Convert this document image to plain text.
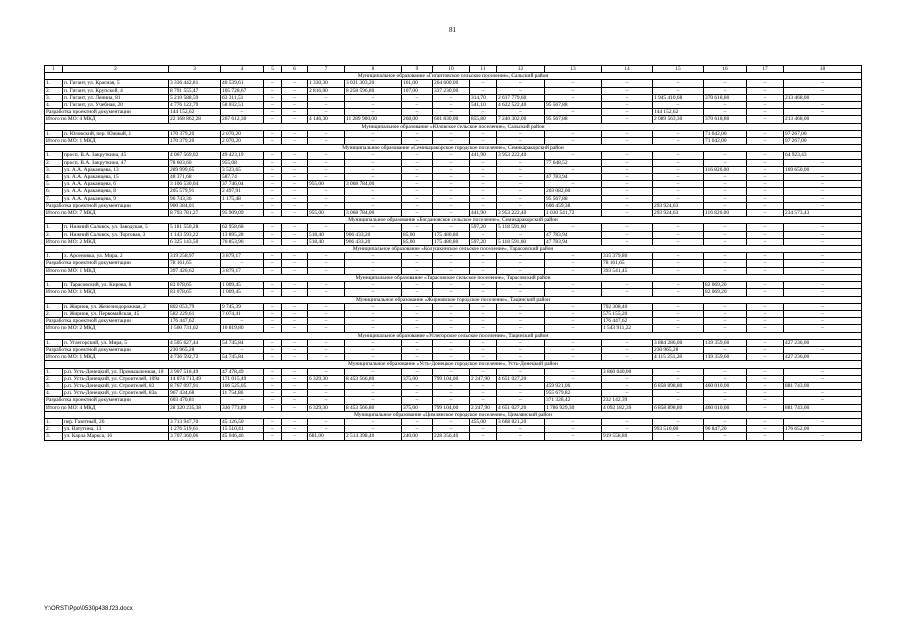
81
1	2	3	4	5	6	7	8	9	10	11	12	13	14	15	16	17	18
Муниципальное образование «Гигантовское сельское поселение», Сальский район																	
1.	п. Гигант, ул. Красная, 5	3 336 442,81	40 539,61	–	–	1 330,30	3 031 303,20	161,00	264 600,00	–	–	–	–	–	–	–	–
2.	п. Гигант, ул. Крупской, 4	8 791 555,47	105 728,67	–	–	2 816,00	8 258 596,80	107,00	337 230,00	–	–	–	–	–	–	–	–
3.	п. Гигант, ул. Ленина, 81	5 210 588,59	63 311,51	–	–	–	–	–	–	314,70	2 617 779,60	–	–	1 945 410,68	370 618,80	–	213 468,00
4.	п. Гигант, ул. Учебная, 20	4 776 122,79	58 032,51	–	–	–	–	–	–	541,10	4 622 522,40	95 567,88	–	–	–	–	–
Разработка проектной документации		144 152,62	–	–	–	–	–	–	–	–	–	–	–	144 152,62	–	–	–
Итого по МО: 4 МКД		22 168 862,28	267 612,30	–	–	4 146,30	11 289 900,00	268,00	601 830,00	855,80	7 240 302,00	95 567,88	–	2 089 563,30	370 618,80	–	213 468,00
Муниципальное образование «Юловское сельское поселение», Сальский район																	
1.	п. Юловский, пер. Южный, 1	170 379,20	2 070,20	–	–	–	–	–	–	–	–	–	–	–	71 042,00	–	97 267,00
Итого по МО: 1 МКД		170 379,20	2 070,20	–	–	–	–	–	–	–	–	–	–	–	71 042,00	–	97 267,00
Муниципальное образование «Семикаракорское городское поселение», Семикаракорский район																	
1.	просп. В.А. Закруткина, 45	4 067 569,02	49 423,19	–	–	–	–	–	–	441,90	3 953 222,40	–	–	–	–	–	64 923,43
2.	просп. В.А. Закруткина, 47	78 603,60	955,08	–	–	–	–	–	–	–	–	77 648,52	–	–	–	–	–
3.	ул. А.А. Араканцева, 13	289 999,65	3 523,65	–	–	–	–	–	–	–	–	–	–	–	116 826,00	–	169 650,00
4.	ул. А.А. Араканцева, 15	48 371,68	587,74	–	–	–	–	–	–	–	–	47 783,94	–	–	–	–	–
5.	ул. А.А. Араканцева, 6	3 106 530,04	37 746,04	–	–	955,00	3 068 784,00	–	–	–	–	–	–	–	–	–	–
6.	ул. А.А. Араканцева, 8	205 579,91	2 497,91	–	–	–	–	–	–	–	–	203 082,00	–	–	–	–	–
7.	ул. А.А. Араканцева, 9	96 743,36	1 175,48	–	–	–	–	–	–	–	–	95 567,88	–	–	–	–	–
Разработка проектной документации		900 384,01	–	–	–	–	–	–	–	–	–	606 459,38	–	293 924,63	–	–	–
Итого по МО: 7 МКД		8 793 781,27	95 909,09	–	–	955,00	3 068 784,00	–	–	441,90	3 953 222,40	1 030 541,72	–	293 924,63	116 826,00	–	234 573,43
Муниципальное образование «Богдановское сельское поселение», Семикаракорский район																	
1.	п. Нижний Саловск, ул. Заводская, 5	5 181 550,28	62 958,68	–	–	–	–	–	–	597,20	5 118 591,60	–	–	–	–	–	–
2.	п. Нижний Саловск, ул. Торговая, 3	1 143 593,22	13 895,28	–	–	518,40	906 433,20	85,00	175 480,80	–	–	47 783,94	–	–	–	–	–
Итого по МО: 2 МКД		6 325 143,50	76 853,96	–	–	518,40	906 433,20	85,00	175 480,80	597,20	5 118 591,60	47 783,94	–	–	–	–	–
Муниципальное образование «Колушкинское сельское поселение», Тарасовский район																	
1.	х. Арсеновка, ул. Мира, 2	319 258,97	3 879,17	–	–	–	–	–	–	–	–	–	315 379,80	–	–	–	–
Разработка проектной документации		78 161,65	–	–	–	–	–	–	–	–	–	–	78 161,65	–	–	–	–
Итого по МО: 1 МКД		397 420,62	3 879,17	–	–	–	–	–	–	–	–	–	393 541,45	–	–	–	–
Муниципальное образование «Тарасовское сельское поселение», Тарасовский район																	
1.	п. Тарасовский, ул. Кирова, 8	83 078,65	1 009,45	–	–	–	–	–	–	–	–	–	–	–	82 069,20	–	–
Итого по МО: 1 МКД		83 078,65	1 009,45	–	–	–	–	–	–	–	–	–	–	–	82 069,20	–	–
Муниципальное образование «Жирновское городское поселение», Тацинский район																	
1.	п. Жирнов, ул. Железнодорожная, 2	802 053,79	9 745,39	–	–	–	–	–	–	–	–	–	792 308,40	–	–	–	–
2.	п. Жирнов, ул. Первомайская, 45	582 229,61	7 074,41	–	–	–	–	–	–	–	–	–	575 155,20	–	–	–	–
Разработка проектной документации		176 447,62	–	–	–	–	–	–	–	–	–	–	176 447,62	–	–	–	–
Итого по МО: 2 МКД		1 560 731,02	16 819,80	–	–	–	–	–	–	–	–	–	1 543 911,22	–	–	–	–
Муниципальное образование «Углегорское сельское поселение», Тацинский район																	
1.	п. Углегорский, ул. Мира, 5	4 505 627,44	54 745,84	–	–	–	–	–	–	–	–	–	–	3 884 286,00	139 359,60	–	427 236,00
Разработка проектной документации		230 965,28	–	–	–	–	–	–	–	–	–	–	–	230 965,28	–	–	–
Итого по МО: 1 МКД		4 736 592,72	54 745,84	–	–	–	–	–	–	–	–	–	–	4 115 251,28	139 359,60	–	427 236,00
Муниципальное образование «Усть-Донецкое городское поселение», Усть-Донецкий район																	
1.	р.п. Усть-Донецкий, ул. Промышленная, 10	3 907 518,49	47 478,49	–	–	–	–	–	–	–	–	–	3 860 040,00	–	–	–	–
2.	р.п. Усть-Донецкий, ул. Строителей, 109а	14 074 713,49	171 015,49	–	–	6 329,30	8 453 566,80	375,00	799 104,00	2 247,90	4 651 027,20	–	–	–	–	–	–
3.	р.п. Усть-Донецкий, ул. Строителей, 83	8 767 097,91	106 525,05	–	–	–	–	–	–	–	–	459 921,06	–	6 858 898,80	460 010,00	–	881 743,00
4.	р.п. Усть-Донецкий, ул. Строителей, 83а	967 434,68	11 754,86	–	–	–	–	–	–	–	–	955 679,82	–	–	–	–	–
Разработка проектной документации		603 470,81	–	–	–	–	–	–	–	–	–	371 328,42	232 142,39	–	–	–	–
Итого по МО: 4 МКД		28 320 235,38	336 773,89	–	–	6 329,30	8 453 566,80	375,00	799 104,00	2 247,90	4 651 027,20	1 786 929,30	4 092 182,39	6 858 898,80	460 010,00	–	881 743,00
Муниципальное образование «Цимлянское городское поселение», Цимлянский район																	
1.	пер. Газетный, 26	3 713 947,70	45 126,50	–	–	–	–	–	–	455,00	3 668 821,20	–	–	–	–	–	–
2.	ул. Ватутина, 13	1 276 519,61	15 510,41	–	–	–	–	–	–	–	–	–	–	993 510,00	90 847,20	–	176 652,00
3.	ул. Карла Маркса, 16	3 707 360,06	45 046,46	–	–	681,00	2 514 398,40	240,00	228 356,40	–	–	–	919 558,80	–	–	–	–
Y:\ORST\Ppo\0530p438.f23.docx
